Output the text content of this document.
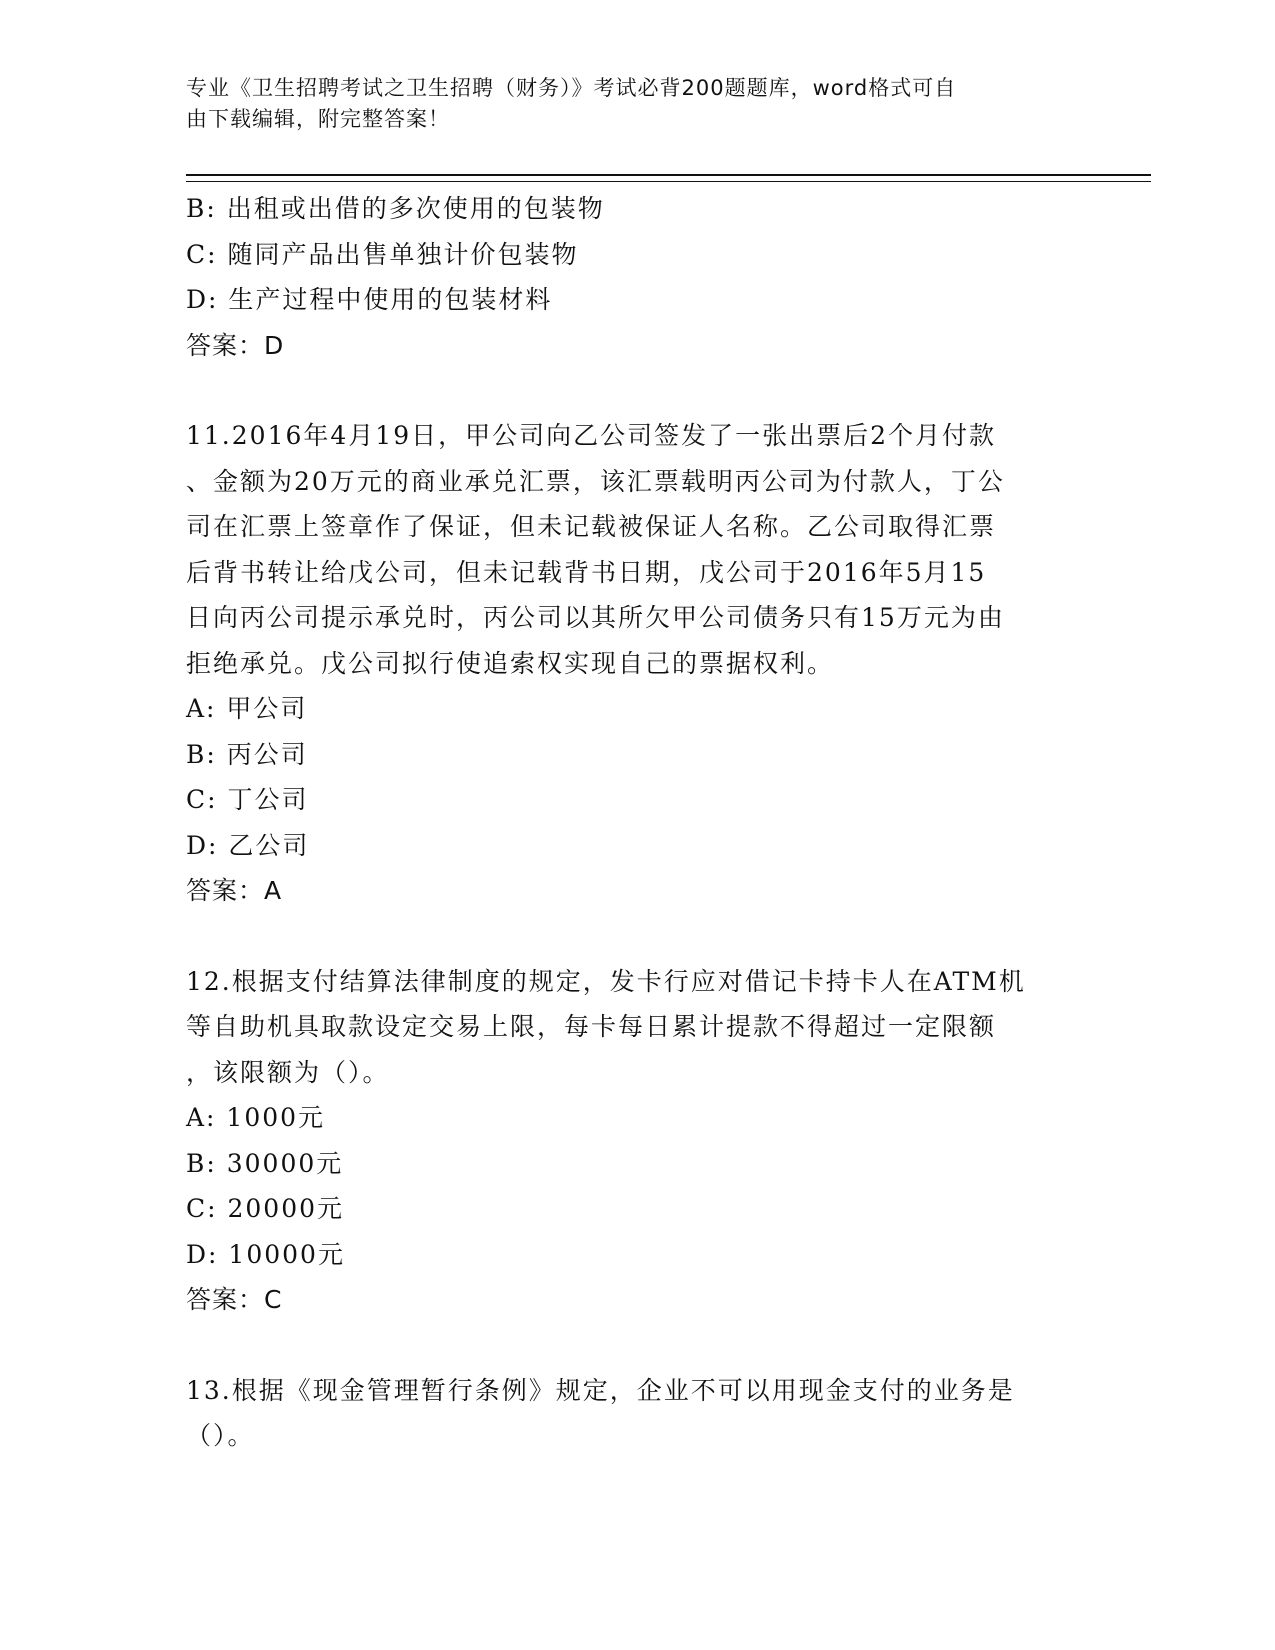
专业《卫生招聘考试之卫生招聘（财务）》考试必背200题题库，word格式可自
由下载编辑，附完整答案！
B: 出租或出借的多次使用的包装物
C: 随同产品出售单独计价包装物
D: 生产过程中使用的包装材料
答案：D
11.2016年4月19日，甲公司向乙公司签发了一张出票后2个月付款
、金额为20万元的商业承兑汇票，该汇票载明丙公司为付款人，丁公
司在汇票上签章作了保证，但未记载被保证人名称。乙公司取得汇票
后背书转让给戊公司，但未记载背书日期，戊公司于2016年5月15
日向丙公司提示承兑时，丙公司以其所欠甲公司债务只有15万元为由
拒绝承兑。戊公司拟行使追索权实现自己的票据权利。
A: 甲公司
B: 丙公司
C: 丁公司
D: 乙公司
答案：A
12.根据支付结算法律制度的规定，发卡行应对借记卡持卡人在ATM机
等自助机具取款设定交易上限，每卡每日累计提款不得超过一定限额
，该限额为（）。
A: 1000元
B: 30000元
C: 20000元
D: 10000元
答案：C
13.根据《现金管理暂行条例》规定，企业不可以用现金支付的业务是
（）。
